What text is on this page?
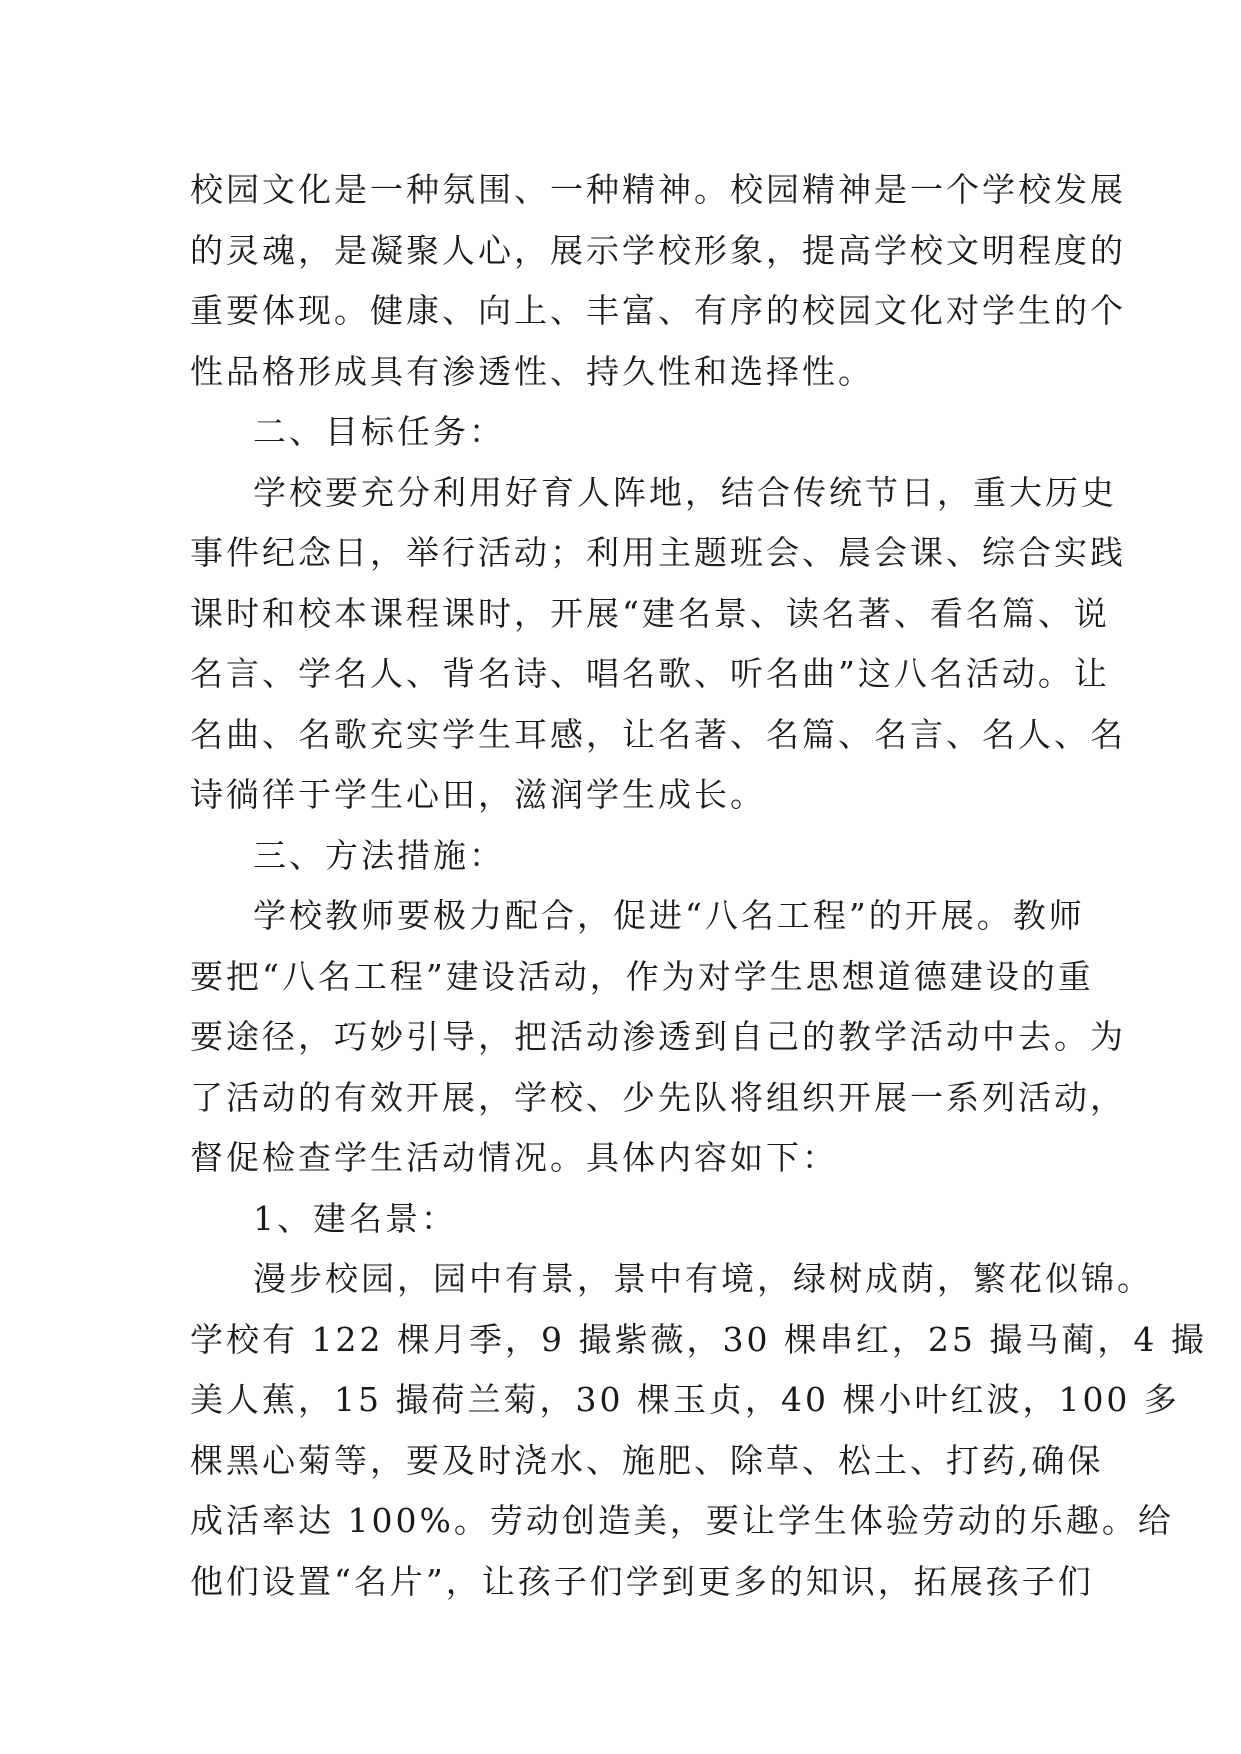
校园文化是一种氛围、一种精神。校园精神是一个学校发展
的灵魂，是凝聚人心，展示学校形象，提高学校文明程度的
重要体现。健康、向上、丰富、有序的校园文化对学生的个
性品格形成具有渗透性、持久性和选择性。
二、目标任务：
学校要充分利用好育人阵地，结合传统节日，重大历史
事件纪念日，举行活动；利用主题班会、晨会课、综合实践
课时和校本课程课时，开展“建名景、读名著、看名篇、说
名言、学名人、背名诗、唱名歌、听名曲”这八名活动。让
名曲、名歌充实学生耳感，让名著、名篇、名言、名人、名
诗徜徉于学生心田，滋润学生成长。
三、方法措施：
学校教师要极力配合，促进“八名工程”的开展。教师
要把“八名工程”建设活动，作为对学生思想道德建设的重
要途径，巧妙引导，把活动渗透到自己的教学活动中去。为
了活动的有效开展，学校、少先队将组织开展一系列活动，
督促检查学生活动情况。具体内容如下：
1、建名景：
漫步校园，园中有景，景中有境，绿树成荫，繁花似锦。
学校有 122 棵月季，9 撮紫薇，30 棵串红，25 撮马蔺，4 撮
美人蕉，15 撮荷兰菊，30 棵玉贞，40 棵小叶红波，100 多
棵黑心菊等，要及时浇水、施肥、除草、松土、打药,确保
成活率达 100%。劳动创造美，要让学生体验劳动的乐趣。给
他们设置“名片”，让孩子们学到更多的知识，拓展孩子们
